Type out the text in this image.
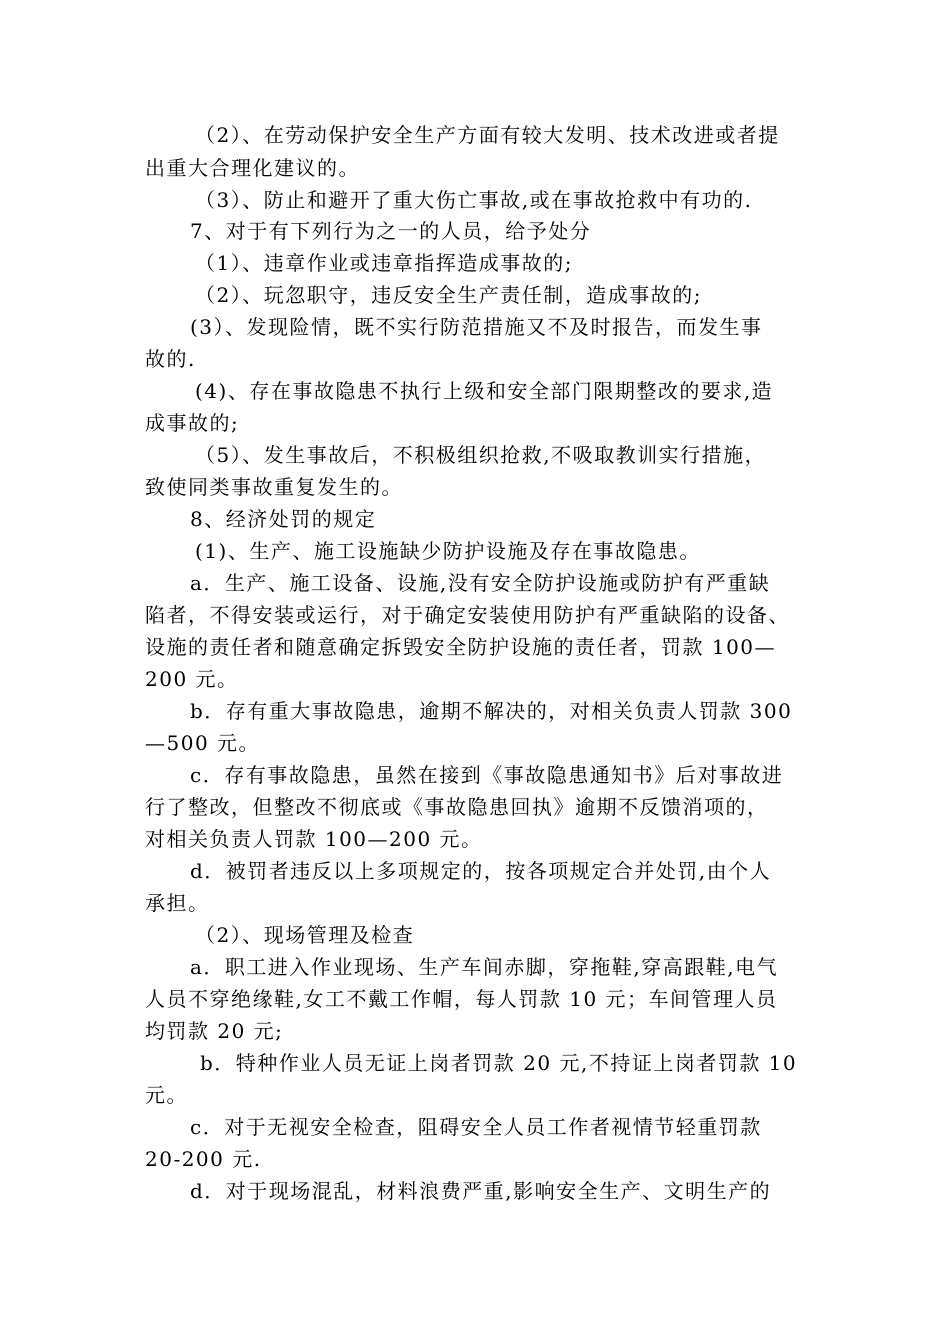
（2）、在劳动保护安全生产方面有较大发明、技术改进或者提
出重大合理化建议的。
（3）、防止和避开了重大伤亡事故,或在事故抢救中有功的.
7、对于有下列行为之一的人员，给予处分
（1）、违章作业或违章指挥造成事故的;
（2）、玩忽职守，违反安全生产责任制，造成事故的;
(3）、发现险情，既不实行防范措施又不及时报告，而发生事
故的.
(4)、存在事故隐患不执行上级和安全部门限期整改的要求,造
成事故的;
（5）、发生事故后，不积极组织抢救,不吸取教训实行措施，
致使同类事故重复发生的。
8、经济处罚的规定
(1)、生产、施工设施缺少防护设施及存在事故隐患。
a．生产、施工设备、设施,没有安全防护设施或防护有严重缺
陷者，不得安装或运行，对于确定安装使用防护有严重缺陷的设备、
设施的责任者和随意确定拆毁安全防护设施的责任者，罚款 100—
200 元。
b．存有重大事故隐患，逾期不解决的，对相关负责人罚款 300
—500 元。
c．存有事故隐患，虽然在接到《事故隐患通知书》后对事故进
行了整改，但整改不彻底或《事故隐患回执》逾期不反馈消项的，
对相关负责人罚款 100—200 元。
d．被罚者违反以上多项规定的，按各项规定合并处罚,由个人
承担。
（2）、现场管理及检查
a．职工进入作业现场、生产车间赤脚，穿拖鞋,穿高跟鞋,电气
人员不穿绝缘鞋,女工不戴工作帽，每人罚款 10 元；车间管理人员
均罚款 20 元;
b．特种作业人员无证上岗者罚款 20 元,不持证上岗者罚款 10
元。
c．对于无视安全检查，阻碍安全人员工作者视情节轻重罚款
20-200 元.
d．对于现场混乱，材料浪费严重,影响安全生产、文明生产的
